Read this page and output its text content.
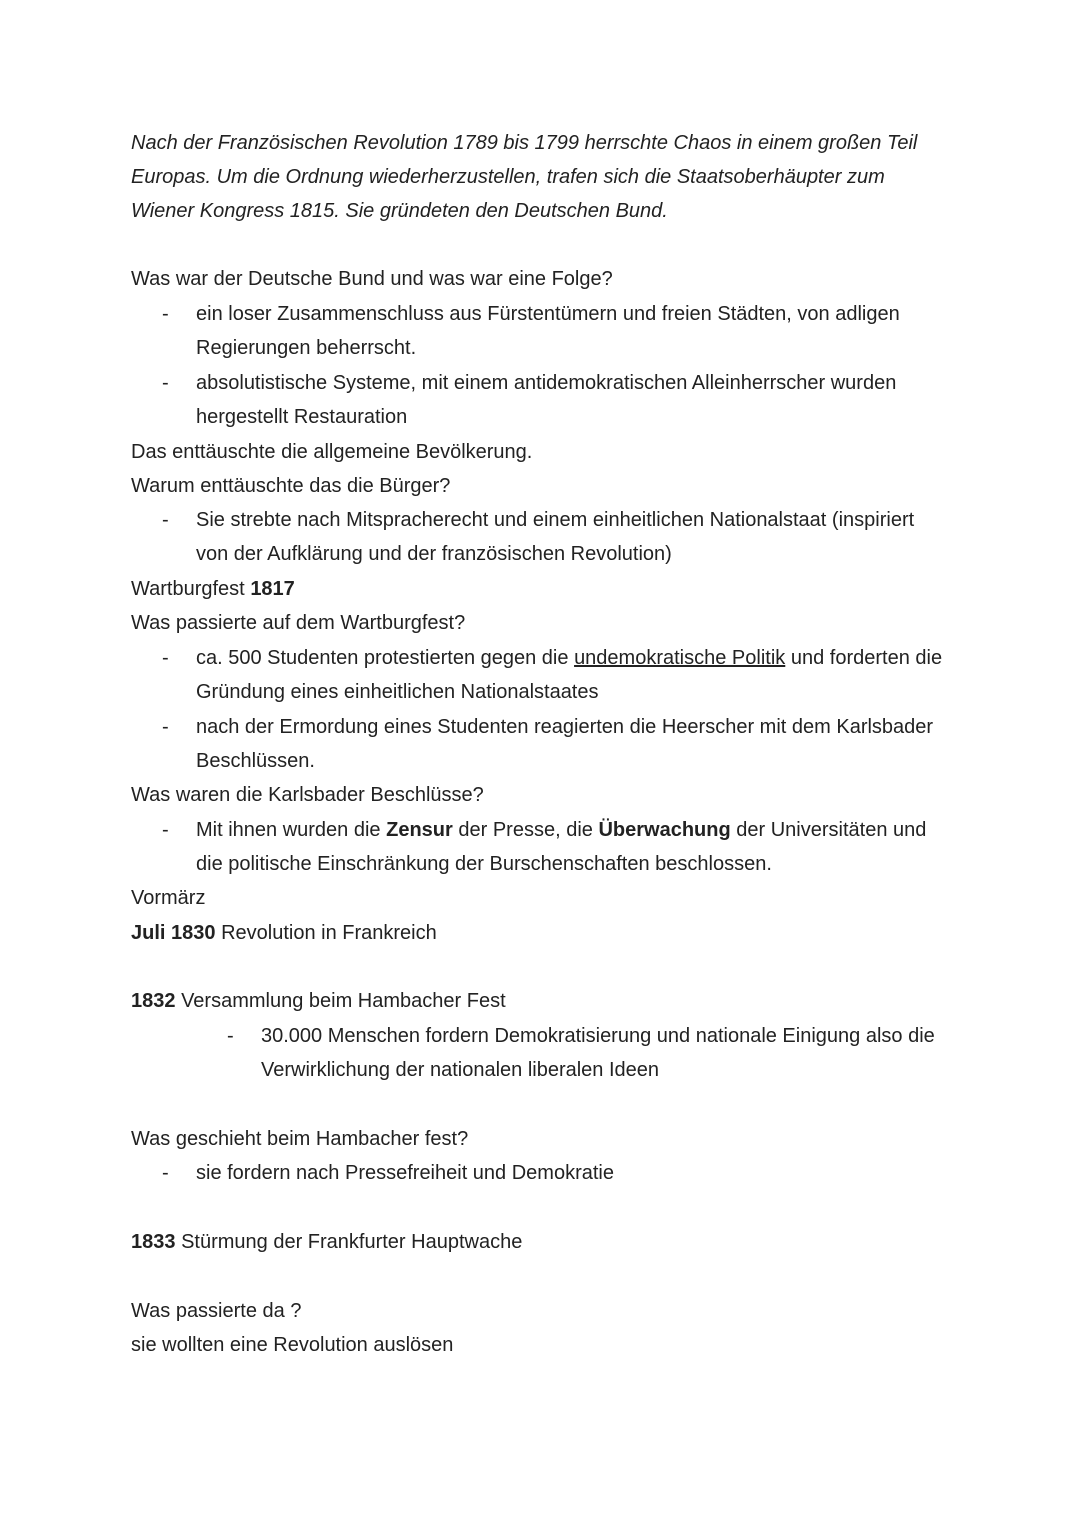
Nach der Französischen Revolution 1789 bis 1799 herrschte Chaos in einem großen Teil
Europas. Um die Ordnung wiederherzustellen, trafen sich die Staatsoberhäupter zum
Wiener Kongress 1815. Sie gründeten den Deutschen Bund.
Was war der Deutsche Bund und was war eine Folge?
- ein loser Zusammenschluss aus Fürstentümern und freien Städten, von adligen
Regierungen beherrscht.
- absolutistische Systeme, mit einem antidemokratischen Alleinherrscher wurden
hergestellt Restauration
Das enttäuschte die allgemeine Bevölkerung.
Warum enttäuschte das die Bürger?
- Sie strebte nach Mitspracherecht und einem einheitlichen Nationalstaat (inspiriert
von der Aufklärung und der französischen Revolution)
Wartburgfest 1817
Was passierte auf dem Wartburgfest?
- ca. 500 Studenten protestierten gegen die undemokratische Politik und forderten die
Gründung eines einheitlichen Nationalstaates
- nach der Ermordung eines Studenten reagierten die Heerscher mit dem Karlsbader
Beschlüssen.
Was waren die Karlsbader Beschlüsse?
- Mit ihnen wurden die Zensur der Presse, die Überwachung der Universitäten und
die politische Einschränkung der Burschenschaften beschlossen.
Vormärz
Juli 1830 Revolution in Frankreich
1832 Versammlung beim Hambacher Fest
- 30.000 Menschen fordern Demokratisierung und nationale Einigung also die
Verwirklichung der nationalen liberalen Ideen
Was geschieht beim Hambacher fest?
- sie fordern nach Pressefreiheit und Demokratie
1833 Stürmung der Frankfurter Hauptwache
Was passierte da ?
sie wollten eine Revolution auslösen
